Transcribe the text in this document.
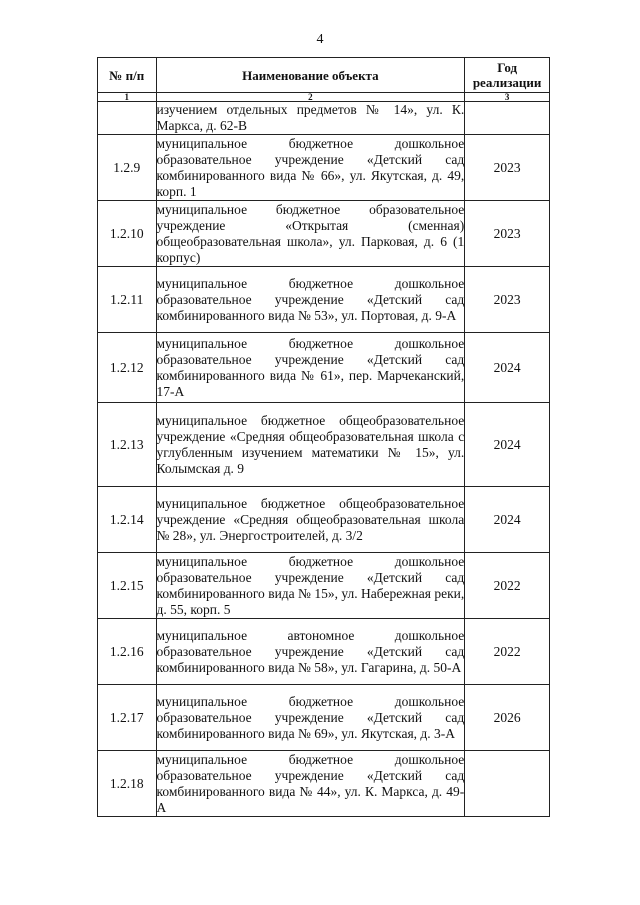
4
№ п/п	Наименование объекта	Год
реализации
1	2	3
	изучением отдельных предметов № 14», ул. К. Маркса, д. 62-В	
1.2.9	муниципальное бюджетное дошкольное образовательное учреждение «Детский сад комбинированного вида № 66», ул. Якутская, д. 49, корп. 1	2023
1.2.10	муниципальное бюджетное образовательное учреждение «Открытая (сменная) общеобразовательная школа», ул. Парковая, д. 6 (1 корпус)	2023
1.2.11	муниципальное бюджетное дошкольное образовательное учреждение «Детский сад комбинированного вида № 53», ул. Портовая, д. 9-А	2023
1.2.12	муниципальное бюджетное дошкольное образовательное учреждение «Детский сад комбинированного вида № 61», пер. Марчеканский, 17-А	2024
1.2.13	муниципальное бюджетное общеобразовательное учреждение «Средняя общеобразовательная школа с углубленным изучением математики № 15», ул. Колымская д. 9	2024
1.2.14	муниципальное бюджетное общеобразовательное учреждение «Средняя общеобразовательная школа № 28», ул. Энергостроителей, д. 3/2	2024
1.2.15	муниципальное бюджетное дошкольное образовательное учреждение «Детский сад комбинированного вида № 15», ул. Набережная реки, д. 55, корп. 5	2022
1.2.16	муниципальное автономное дошкольное образовательное учреждение «Детский сад комбинированного вида № 58», ул. Гагарина, д. 50-А	2022
1.2.17	муниципальное бюджетное дошкольное образовательное учреждение «Детский сад комбинированного вида № 69», ул. Якутская, д. 3-А	2026
1.2.18	муниципальное бюджетное дошкольное образовательное учреждение «Детский сад комбинированного вида № 44», ул. К. Маркса, д. 49-А	
